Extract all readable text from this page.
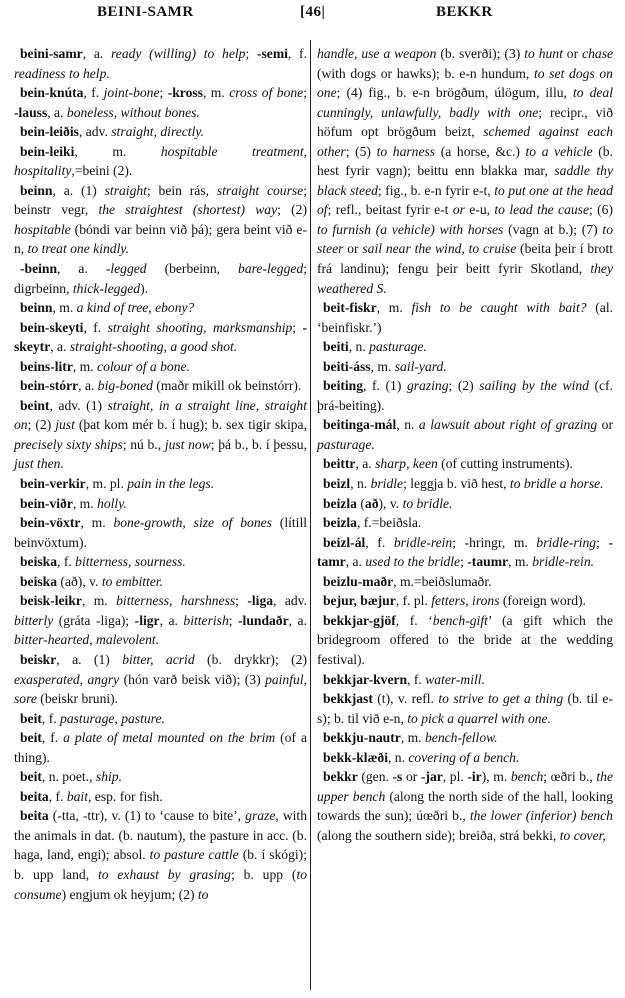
BEINI-SAMR	[46|	BEKKR

beini-samr, a. ready (willing) to help; -semi, f. readiness to help.

bein-knúta, f. joint-bone; -kross, m. cross of bone; -lauss, a. boneless, without bones.

bein-leiðis, adv. straight, directly.

bein-leiki, m. hospitable treatment, hospitality,=beini (2).

beinn, a. (1) straight; bein rás, straight course; beinstr vegr, the straightest (shortest) way; (2) hospitable (bóndi var beinn við þá); gera beint við e-n, to treat one kindly.

-beinn, a. -legged (berbeinn, bare-legged; digrbeinn, thick-legged).

beinn, m. a kind of tree, ebony?

bein-skeyti, f. straight shooting, marksmanship; -skeytr, a. straight-shooting, a good shot.

beins-litr, m. colour of a bone.

bein-stórr, a. big-boned (maðr mikill ok beinstórr).

beint, adv. (1) straight, in a straight line, straight on; (2) just (þat kom mér b. í hug); b. sex tigir skipa, precisely sixty ships; nú b., just now; þá b., b. í þessu, just then.

bein-verkir, m. pl. pain in the legs.

bein-viðr, m. holly.

bein-vöxtr, m. bone-growth, size of bones (lítill beinvöxtum).

beiska, f. bitterness, sourness.

beiska (að), v. to embitter.

beisk-leikr, m. bitterness, harshness; -liga, adv. bitterly (gráta -liga); -ligr, a. bitterish; -lundaðr, a. bitter-hearted, malevolent.

beiskr, a. (1) bitter, acrid (b. drykkr); (2) exasperated, angry (hón varð beisk við); (3) painful, sore (beiskr bruni).

beit, f. pasturage, pasture.

beit, f. a plate of metal mounted on the brim (of a thing).

beit, n. poet., ship.

beita, f. bait, esp. for fish.

beita (-tta, -ttr), v. (1) to ‘cause to bite’, graze, with the animals in dat. (b. nautum), the pasture in acc. (b. haga, land, engi); absol. to pasture cattle (b. í skógi); b. upp land, to exhaust by grasing; b. upp (to consume) engjum ok heyjum; (2) to

handle, use a weapon (b. sverði); (3) to hunt or chase (with dogs or hawks); b. e-n hundum, to set dogs on one; (4) fig., b. e-n brögðum, úlögum, illu, to deal cunningly, unlawfully, badly with one; recipr., við höfum opt brögðum beizt, schemed against each other; (5) to harness (a horse, &c.) to a vehicle (b. hest fyrir vagn); beittu enn blakka mar, saddle thy black steed; fig., b. e-n fyrir e-t, to put one at the head of; refl., beitast fyrir e-t or e-u, to lead the cause; (6) to furnish (a vehicle) with horses (vagn at b.); (7) to steer or sail near the wind, to cruise (beita þeir í brott frá landinu); fengu þeir beitt fyrir Skotland, they weathered S.

beit-fiskr, m. fish to be caught with bait? (al. ‘beinfiskr.’)

beiti, n. pasturage.

beiti-áss, m. sail-yard.

beiting, f. (1) grazing; (2) sailing by the wind (cf. þrá-beiting).

beitinga-mál, n. a lawsuit about right of grazing or pasturage.

beittr, a. sharp, keen (of cutting instruments).

beizl, n. bridle; leggja b. við hest, to bridle a horse.

beizla (að), v. to bridle.

beizla, f.=beiðsla.

beizl-ál, f. bridle-rein; -hringr, m. bridle-ring; -tamr, a. used to the bridle; -taumr, m. bridle-rein.

beizlu-maðr, m.=beiðslumaðr.

bejur, bæjur, f. pl. fetters, irons (foreign word).

bekkjar-gjöf, f. ‘bench-gift’ (a gift which the bridegroom offered to the bride at the wedding festival).

bekkjar-kvern, f. water-mill.

bekkjast (t), v. refl. to strive to get a thing (b. til e-s); b. til við e-n, to pick a quarrel with one.

bekkju-nautr, m. bench-fellow.

bekk-klæði, n. covering of a bench.

bekkr (gen. -s or -jar, pl. -ir), m. bench; œðri b., the upper bench (along the north side of the hall, looking towards the sun); úœðri b., the lower (inferior) bench (along the southern side); breiða, strá bekki, to cover,
